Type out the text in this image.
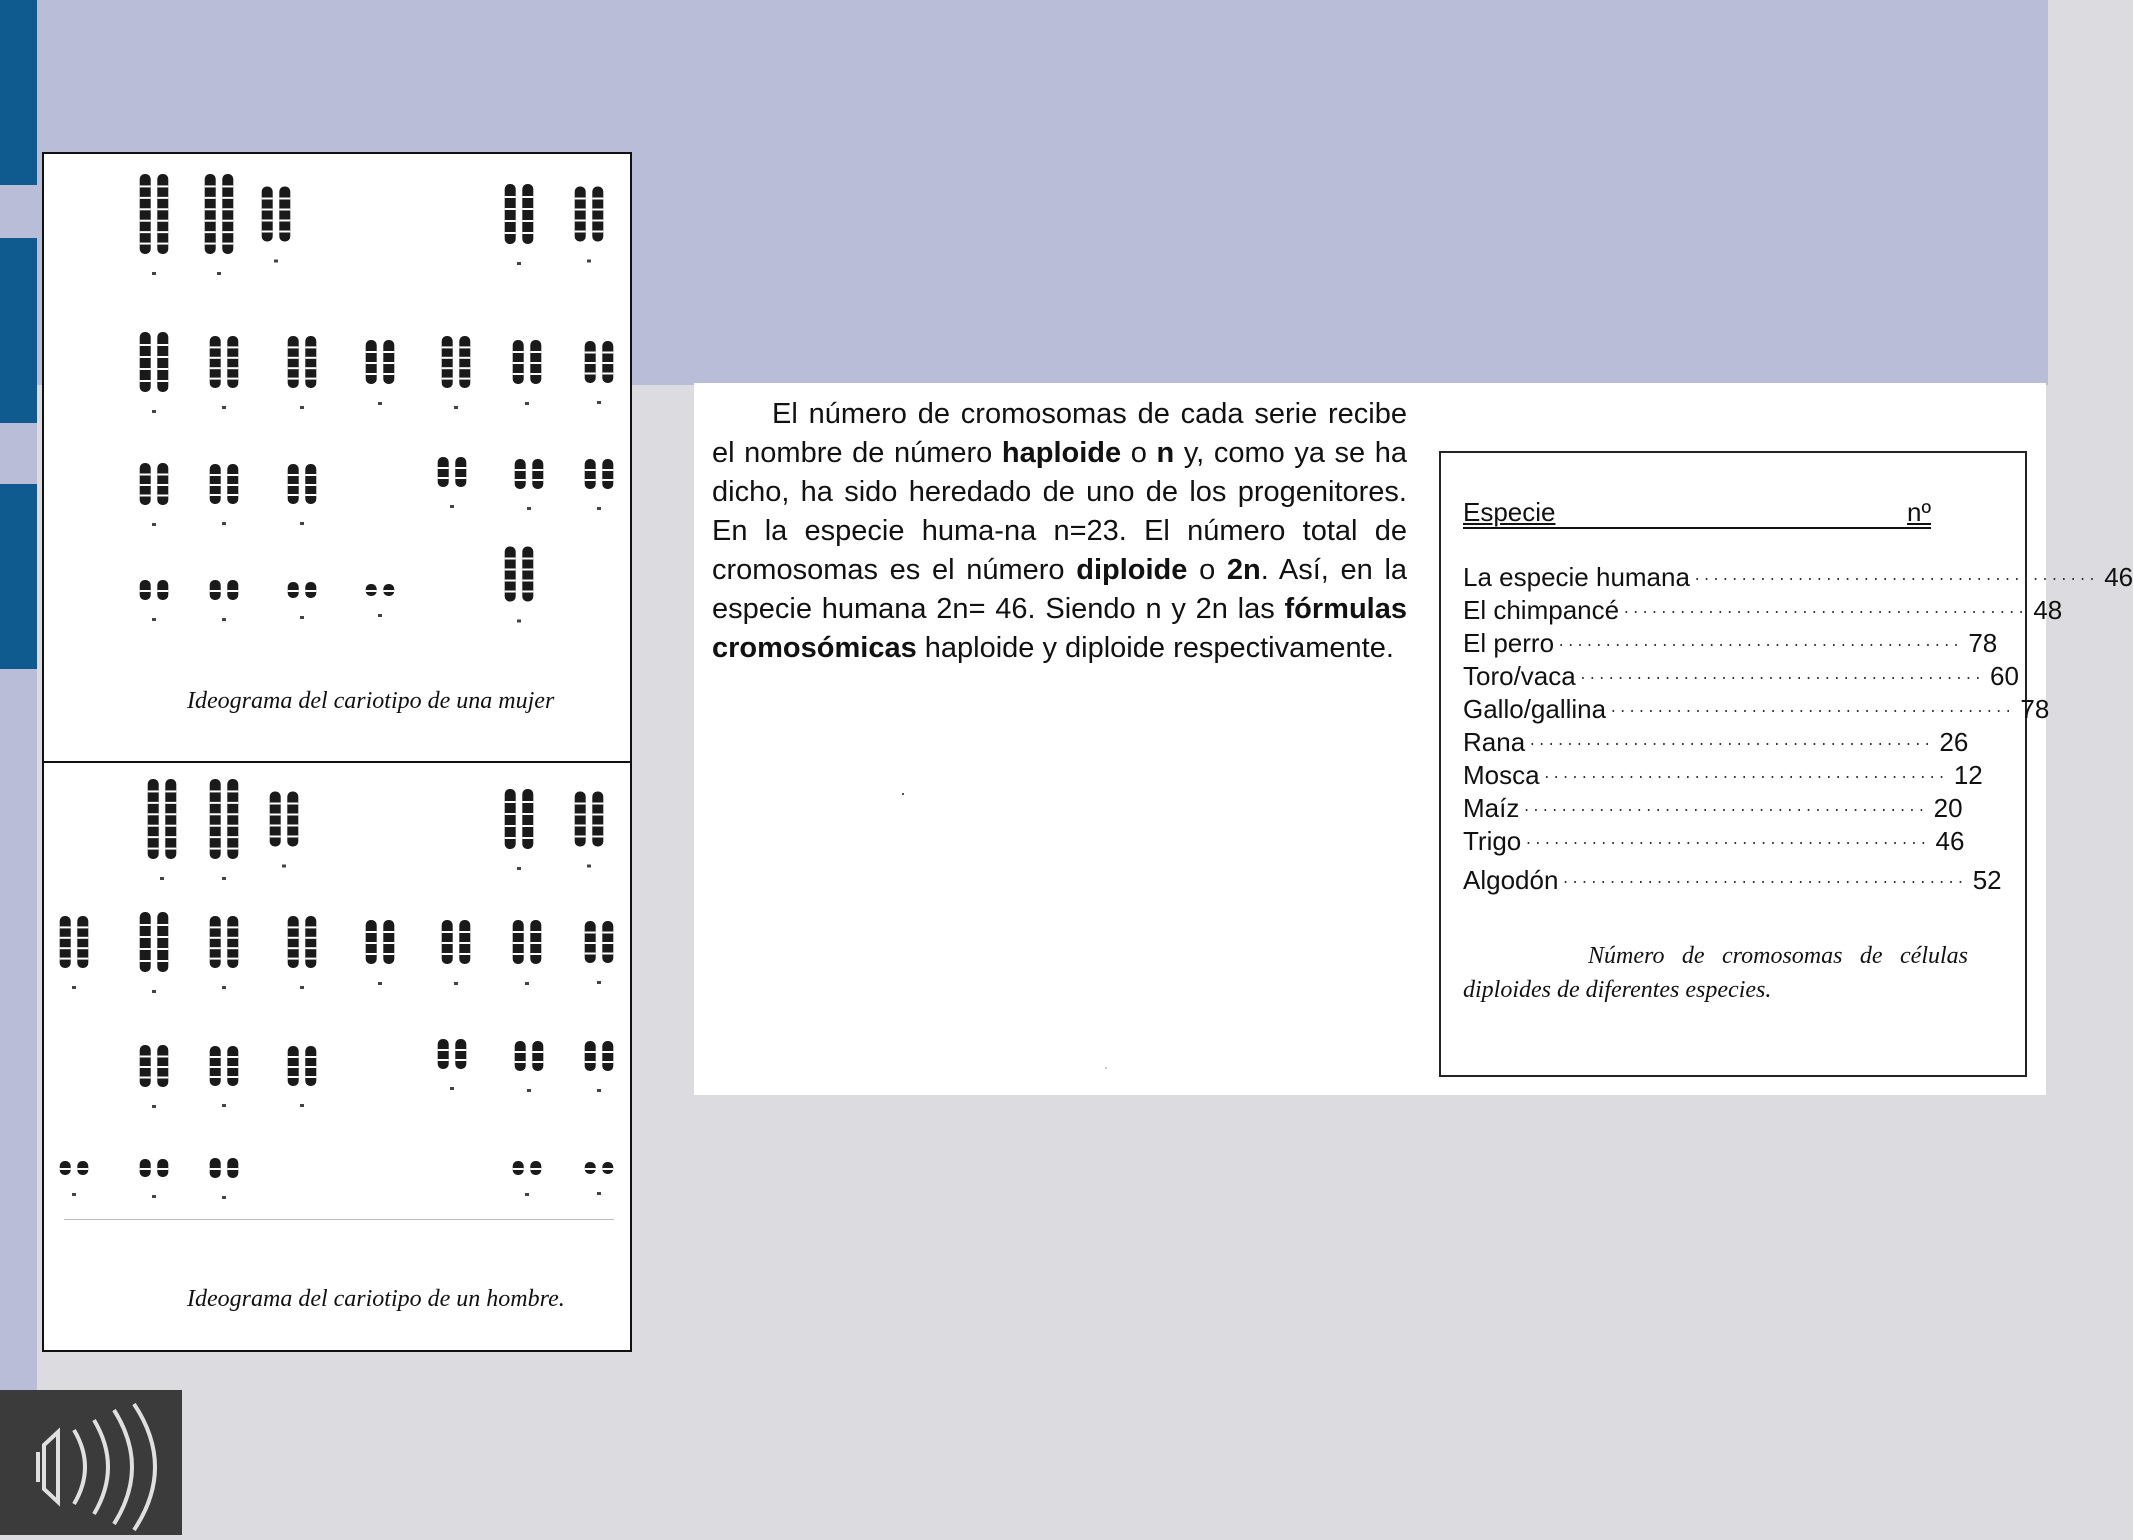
Ideograma del cariotipo de una mujer
Ideograma del cariotipo de un hombre.

El número de cromosomas de cada serie recibe el nombre de número haploide o n y, como ya se ha dicho, ha sido heredado de uno de los progenitores. En la especie huma-na n=23. El número total de cromosomas es el número diploide o 2n. Así, en la especie humana 2n= 46. Siendo n y 2n las fórmulas cromosómicas haploide y diploide respectivamente.

Especie	nº
La especie humana ........................................... 46
El chimpancé ........................................... 48
El perro ........................................... 78
Toro/vaca ........................................... 60
Gallo/gallina ........................................... 78
Rana ........................................... 26
Mosca ........................................... 12
Maíz ........................................... 20
Trigo ........................................... 46
Algodón ........................................... 52
Número de cromosomas de células diploides de diferentes especies.
